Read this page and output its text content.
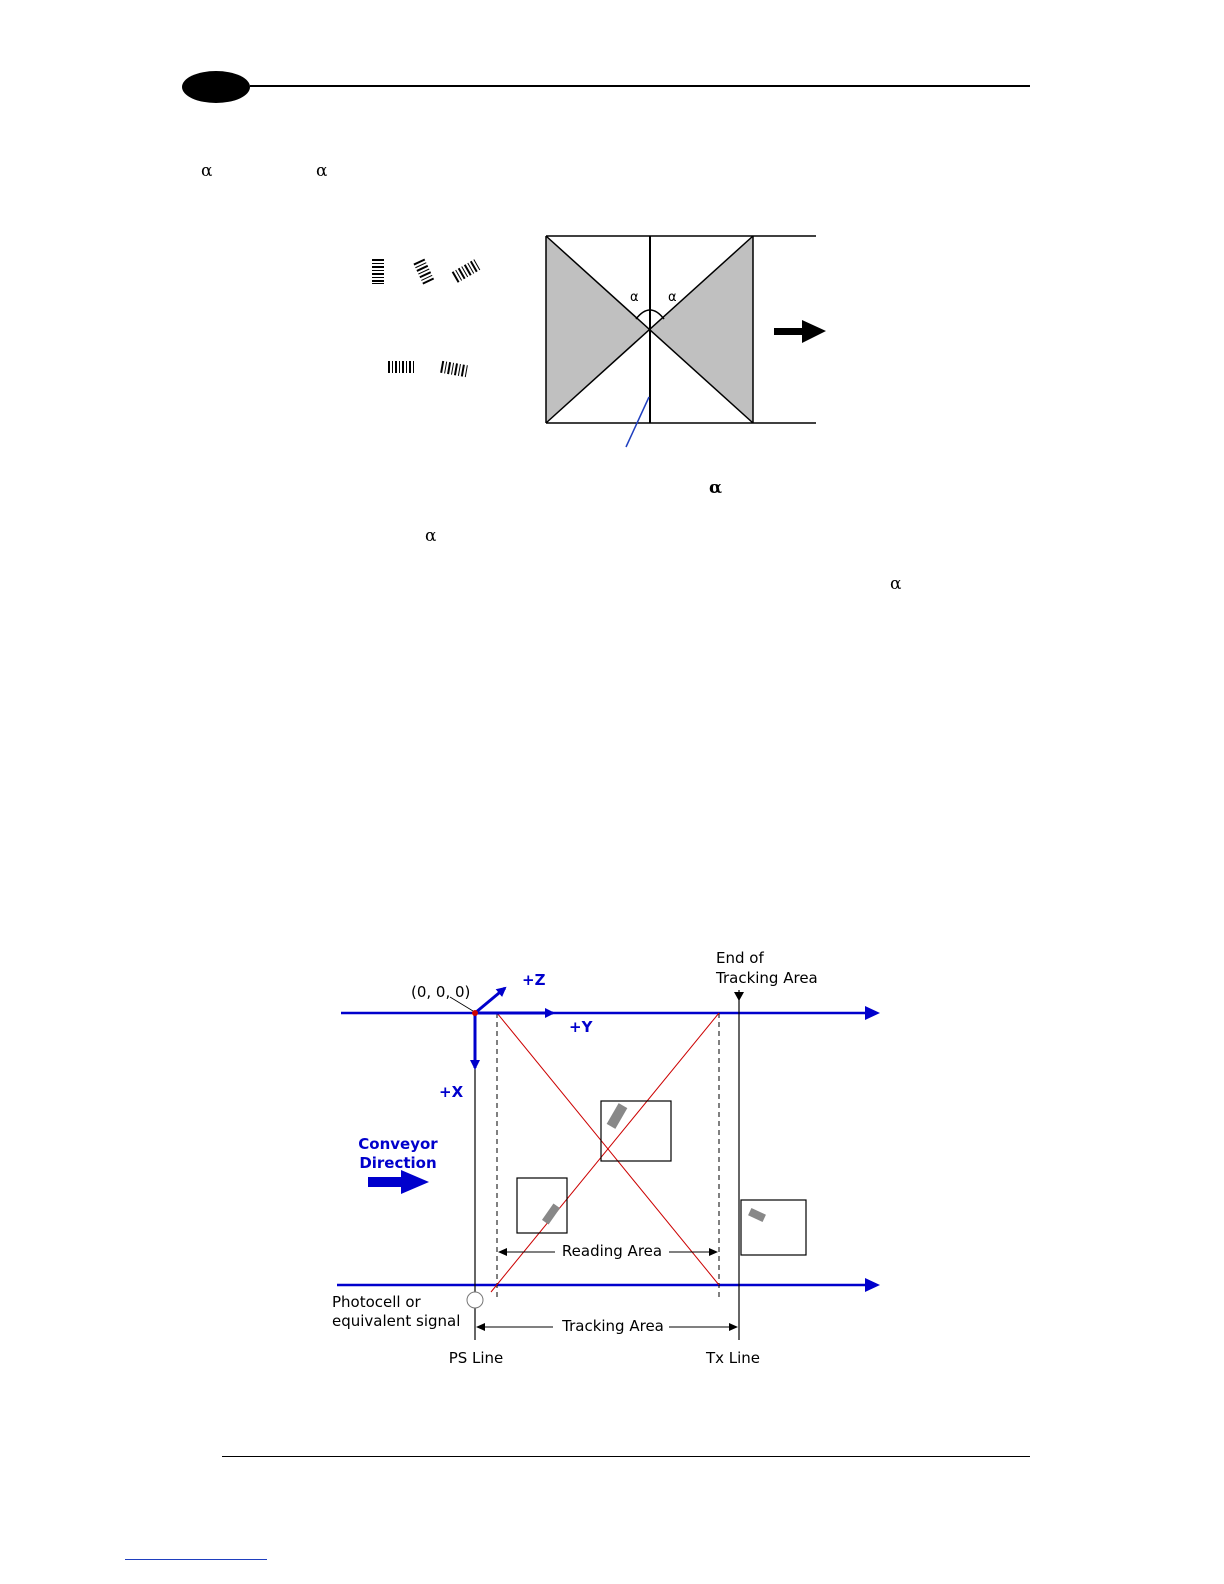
α	α
α
α
α
α α
(0, 0, 0)
+Z
+Y
+X
Conveyor
Direction
End of
Tracking Area
Reading Area
Tracking Area
Photocell or
equivalent signal
PS Line	Tx Line
